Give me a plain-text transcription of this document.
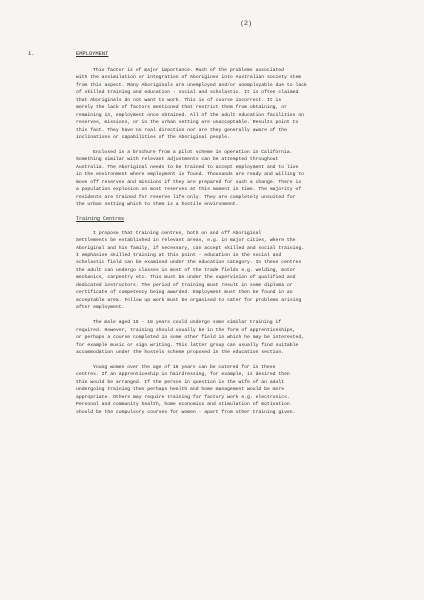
(2)
1.	EMPLOYMENT
This factor is of major importance. Much of the problems associated
with the assimilation or integration of Aborigines into Australian society stem
from this aspect. Many Aboriginals are unemployed and/or unemployable due to lack
of skilled training and education - social and scholastic. It is often claimed
that Aboriginals do not want to work. This is of course incorrect. It is
merely the lack of factors mentioned that restrict them from obtaining, or
remaining in, employment once obtained. All of the adult education facilities on
reserves, missions, or in the urban setting are unacceptable. Results point to
this fact. They have no real direction nor are they generally aware of the
inclinations or capabilities of the Aboriginal people.
Enclosed is a brochure from a pilot scheme in operation in California.
Something similar with relevant adjustments can be attempted throughout
Australia. The Aboriginal needs to be trained to accept employment and to live
in the environment where employment is found. Thousands are ready and willing to
move off reserves and missions if they are prepared for such a change. There is
a population explosion on most reserves at this moment in time. The majority of
residents are trained for reserve life only. They are completely unsuited for
the urban setting which to them is a hostile environment.
Training Centres
I propose that training centres, both on and off Aboriginal
Settlements be established in relevant areas, e.g. in major cities, where the
Aboriginal and his family, if necessary, can accept skilled and social training.
I emphasise skilled training at this point - education in the social and
scholastic field can be examined under the education category. In these centres
the adult can undergo classes in most of the trade fields e.g. welding, motor
mechanics, carpentry etc. This must be under the supervision of qualified and
dedicated instructors. The period of training must result in some diploma or
certificate of competency being awarded. Employment must then be found in an
acceptable area. Follow up work must be organised to cater for problems arising
after employment.
The male aged 15 - 18 years could undergo some similar training if
required. However, training should usually be in the form of apprenticeships,
or perhaps a course completed in some other field in which he may be interested,
for example music or sign writing. This latter group can usually find suitable
accommodation under the hostels scheme proposed in the education section.
Young women over the age of 16 years can be catered for in these
centres. If an apprenticeship in hairdressing, for example, is desired then
this would be arranged. If the person in question is the wife of an adult
undergoing training then perhaps health and home management would be more
appropriate. Others may require training for factory work e.g. electronics.
Personal and community health, home economics and stimulation of motivation
should be the compulsory courses for women - apart from other training given.
